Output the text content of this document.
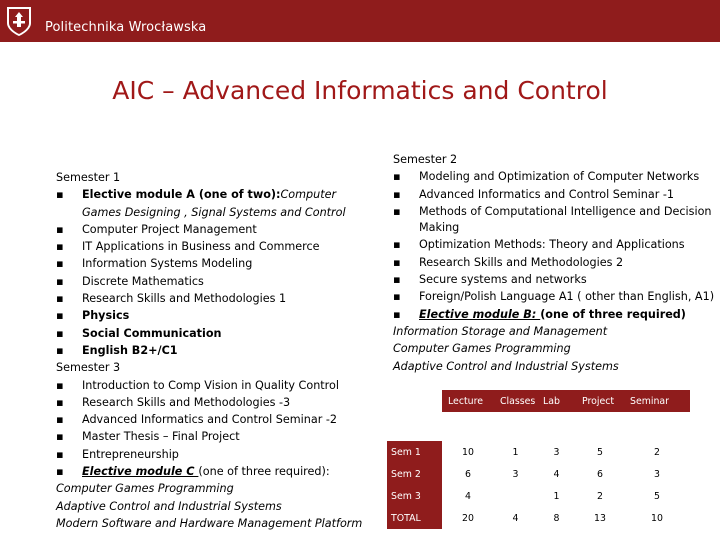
Politechnika Wrocławska
AIC – Advanced Informatics and Control
Semester 1
▪ Elective module A (one of two):Computer Games Designing , Signal Systems and Control
▪ Computer Project Management
▪ IT Applications in Business and Commerce
▪ Information Systems Modeling
▪ Discrete Mathematics
▪ Research Skills and Methodologies 1
▪ Physics
▪ Social Communication
▪ English B2+/C1
Semester 3
▪ Introduction to Comp Vision in Quality Control
▪ Research Skills and Methodologies -3
▪ Advanced Informatics and Control Seminar -2
▪ Master Thesis – Final Project
▪ Entrepreneurship
▪ Elective module C (one of three required):
Computer Games Programming
Adaptive Control and Industrial Systems
Modern Software and Hardware Management Platform
Semester 2
▪ Modeling and Optimization of Computer Networks
▪ Advanced Informatics and Control Seminar -1
▪ Methods of Computational Intelligence and Decision
Making
▪ Optimization Methods: Theory and Applications
▪ Research Skills and Methodologies 2
▪ Secure systems and networks
▪ Foreign/Polish Language A1 ( other than English, A1)
▪ Elective module B: (one of three required)
Information Storage and Management
Computer Games Programming
Adaptive Control and Industrial Systems
	Lecture	Classes	Lab	Project	Seminar

Sem 1	10	1	3	5	2
Sem 2	6	3	4	6	3
Sem 3	4		1	2	5
TOTAL	20	4	8	13	10
